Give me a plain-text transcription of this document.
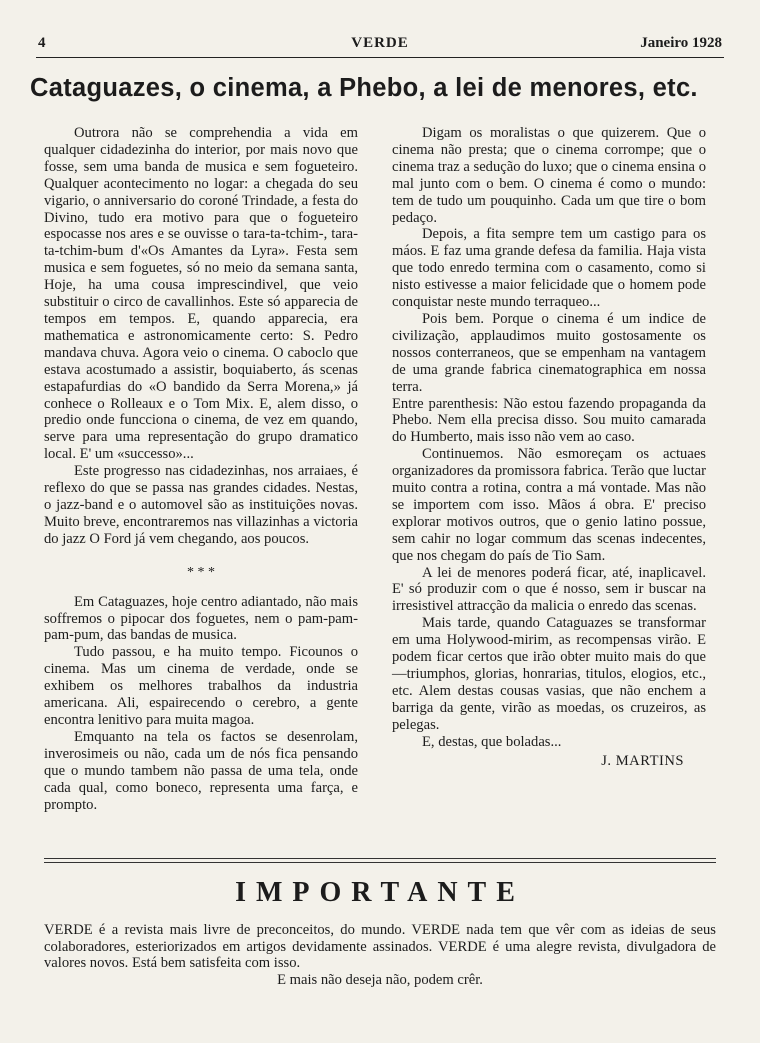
4	VERDE	Janeiro 1928
Cataguazes, o cinema, a Phebo, a lei de menores, etc.

Outrora não se comprehendia a vida em qualquer cidadezinha do interior, por mais novo que fosse, sem uma banda de musica e sem fogueteiro. Qualquer acontecimento no logar: a chegada do seu vigario, o anniversario do coroné Trindade, a festa do Divino, tudo era motivo para que o fogueteiro espocasse nos ares e se ouvisse o tara-ta-tchim-, tara-ta-tchim-bum d'«Os Amantes da Lyra». Festa sem musica e sem foguetes, só no meio da semana santa, Hoje, ha uma cousa imprescindivel, que veio substituir o circo de cavallinhos. Este só apparecia de tempos em tempos. E, quando apparecia, era mathematica e astronomicamente certo: S. Pedro mandava chuva. Agora veio o cinema. O caboclo que estava acostumado a assistir, boquiaberto, ás scenas estapafurdias do «O bandido da Serra Morena,» já conhece o Rolleaux e o Tom Mix. E, alem disso, o predio onde funcciona o cinema, de vez em quando, serve para uma representação do grupo dramatico local. E' um «successo»...

Este progresso nas cidadezinhas, nos arraiaes, é reflexo do que se passa nas grandes cidades. Nestas, o jazz-band e o automovel são as instituições novas. Muito breve, encontraremos nas villazinhas a victoria do jazz O Ford já vem chegando, aos poucos.

* * *

Em Cataguazes, hoje centro adiantado, não mais soffremos o pipocar dos foguetes, nem o pam-pam-pam-pum, das bandas de musica.

Tudo passou, e ha muito tempo. Ficounos o cinema. Mas um cinema de verdade, onde se exhibem os melhores trabalhos da industria americana. Ali, espairecendo o cerebro, a gente encontra lenitivo para muita magoa.

Emquanto na tela os factos se desenrolam, inverosimeis ou não, cada um de nós fica pensando que o mundo tambem não passa de uma tela, onde cada qual, como boneco, representa uma farça, e prompto.

Digam os moralistas o que quizerem. Que o cinema não presta; que o cinema corrompe; que o cinema traz a sedução do luxo; que o cinema ensina o mal junto com o bem. O cinema é como o mundo: tem de tudo um pouquinho. Cada um que tire o bom pedaço.

Depois, a fita sempre tem um castigo para os máos. E faz uma grande defesa da familia. Haja vista que todo enredo termina com o casamento, como si nisto estivesse a maior felicidade que o homem pode conquistar neste mundo terraqueo...

Pois bem. Porque o cinema é um indice de civilização, applaudimos muito gostosamente os nossos conterraneos, que se empenham na vantagem de uma grande fabrica cinematographica em nossa terra.

Entre parenthesis: Não estou fazendo propaganda da Phebo. Nem ella precisa disso. Sou muito camarada do Humberto, mais isso não vem ao caso.

Continuemos. Não esmoreçam os actuaes organizadores da promissora fabrica. Terão que luctar muito contra a rotina, contra a má vontade. Mas não se importem com isso. Mãos á obra. E' preciso explorar motivos outros, que o genio latino possue, sem cahir no logar commum das scenas indecentes, que nos chegam do país de Tio Sam.

A lei de menores poderá ficar, até, inaplicavel. E' só produzir com o que é nosso, sem ir buscar na irresistivel attracção da malicia o enredo das scenas.

Mais tarde, quando Cataguazes se transformar em uma Holywood-mirim, as recompensas virão. E podem ficar certos que irão obter muito mais do que—triumphos, glorias, honrarias, titulos, elogios, etc., etc. Alem destas cousas vasias, que não enchem a barriga da gente, virão as moedas, os cruzeiros, as pelegas.

E, destas, que boladas...

J. MARTINS

IMPORTANTE

VERDE é a revista mais livre de preconceitos, do mundo. VERDE nada tem que vêr com as ideias de seus colaboradores, esteriorizados em artigos devidamente assinados. VERDE é uma alegre revista, divulgadora de valores novos. Está bem satisfeita com isso.
E mais não deseja não, podem crêr.
